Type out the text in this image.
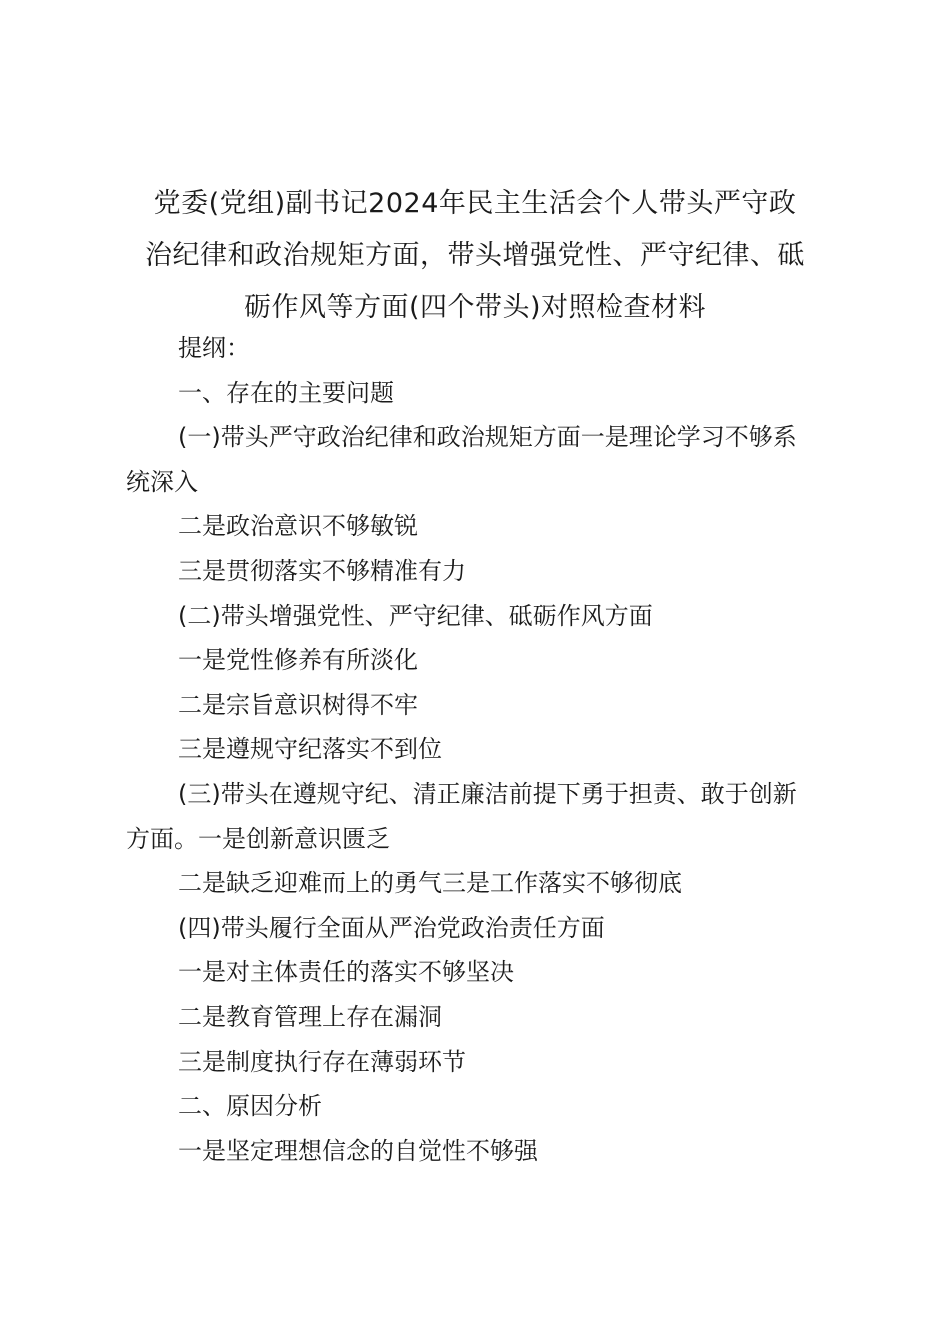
党委(党组)副书记2024年民主生活会个人带头严守政
治纪律和政治规矩方面，带头增强党性、严守纪律、砥
砺作风等方面(四个带头)对照检查材料

提纲：

一、存在的主要问题

(一)带头严守政治纪律和政治规矩方面一是理论学习不够系
统深入

二是政治意识不够敏锐

三是贯彻落实不够精准有力

(二)带头增强党性、严守纪律、砥砺作风方面

一是党性修养有所淡化

二是宗旨意识树得不牢

三是遵规守纪落实不到位

(三)带头在遵规守纪、清正廉洁前提下勇于担责、敢于创新
方面。一是创新意识匮乏

二是缺乏迎难而上的勇气三是工作落实不够彻底

(四)带头履行全面从严治党政治责任方面

一是对主体责任的落实不够坚决

二是教育管理上存在漏洞

三是制度执行存在薄弱环节

二、原因分析

一是坚定理想信念的自觉性不够强
